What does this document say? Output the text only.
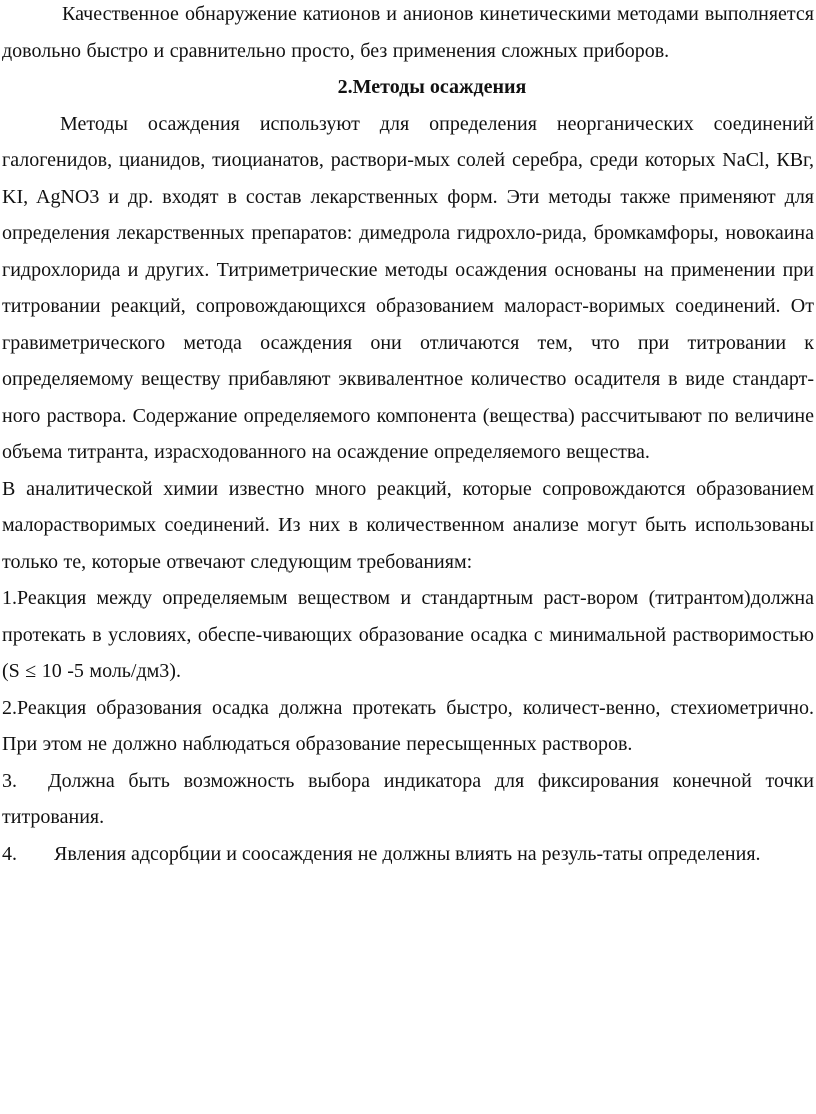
Качественное обнаружение катионов и анионов кинетическими методами выполняется довольно быстро и сравнительно просто, без применения сложных приборов.

2.Методы осаждения

Методы осаждения используют для определения неорганических соединений галогенидов, цианидов, тиоцианатов, раствори-мых солей серебра, среди которых NaCl, КВг, KI, AgNO3 и др. входят в состав лекарственных форм. Эти методы также применяют для определения лекарственных препаратов: димедрола гидрохло-рида, бромкамфоры, новокаина гидрохлорида и других. Титриметрические методы осаждения основаны на применении при титровании реакций, сопровождающихся образованием малораст-воримых соединений. От гравиметрического метода осаждения они отличаются тем, что при титровании к определяемому веществу прибавляют эквивалентное количество осадителя в виде стандарт-ного раствора. Содержание определяемого компонента (вещества) рассчитывают по величине объема титранта, израсходованного на осаждение определяемого вещества.

В аналитической химии известно много реакций, которые сопровождаются образованием малорастворимых соединений. Из них в количественном анализе могут быть использованы только те, которые отвечают следующим требованиям:

1.Реакция между определяемым веществом и стандартным раст-вором (титрантом)должна протекать в условиях, обеспе-чивающих образование осадка с минимальной растворимостью (S ≤ 10 -5 моль/дм3).

2.Реакция образования осадка должна протекать быстро, количест-венно, стехиометрично. При этом не должно наблюдаться образование пересыщенных растворов.

3. Должна быть возможность выбора индикатора для фиксирования конечной точки титрования.

4. Явления адсорбции и соосаждения не должны влиять на резуль-таты определения.
